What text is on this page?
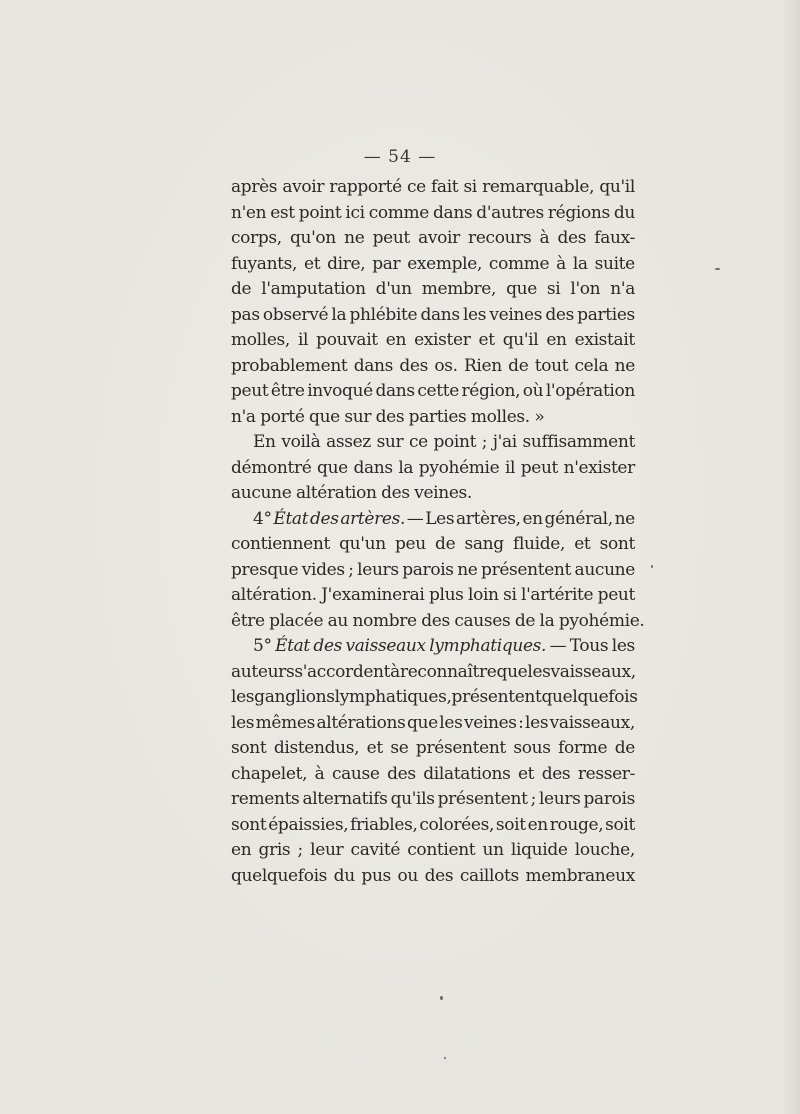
— 54 —
après avoir rapporté ce fait si remarquable, qu'il
n'en est point ici comme dans d'autres régions du
corps, qu'on ne peut avoir recours à des faux-
fuyants, et dire, par exemple, comme à la suite
de l'amputation d'un membre, que si l'on n'a
pas observé la phlébite dans les veines des parties
molles, il pouvait en exister et qu'il en existait
probablement dans des os. Rien de tout cela ne
peut être invoqué dans cette région, où l'opération
n'a
porté
que
sur
des
parties
molles.
»

En voilà assez sur ce point ; j'ai suffisamment
démontré que dans la pyohémie il peut n'exister
aucune
altération
des
veines.

4° État des artères. — Les artères, en général, ne
contiennent qu'un peu de sang fluide, et sont
presque vides ; leurs parois ne présentent aucune
altération. J'examinerai plus loin si l'artérite peut
être
placée
au
nombre
des
causes
de
la
pyohémie.

5° État des vaisseaux lymphatiques. — Tous les
auteurs s'accordent à reconnaître que les vaisseaux,
les ganglions lymphatiques, présentent quelquefois
les mêmes altérations que les veines : les vaisseaux,
sont distendus, et se présentent sous forme de
chapelet, à cause des dilatations et des resser-
rements alternatifs qu'ils présentent ; leurs parois
sont épaissies, friables, colorées, soit en rouge, soit
en gris ; leur cavité contient un liquide louche,
quelquefois du pus ou des caillots membraneux
